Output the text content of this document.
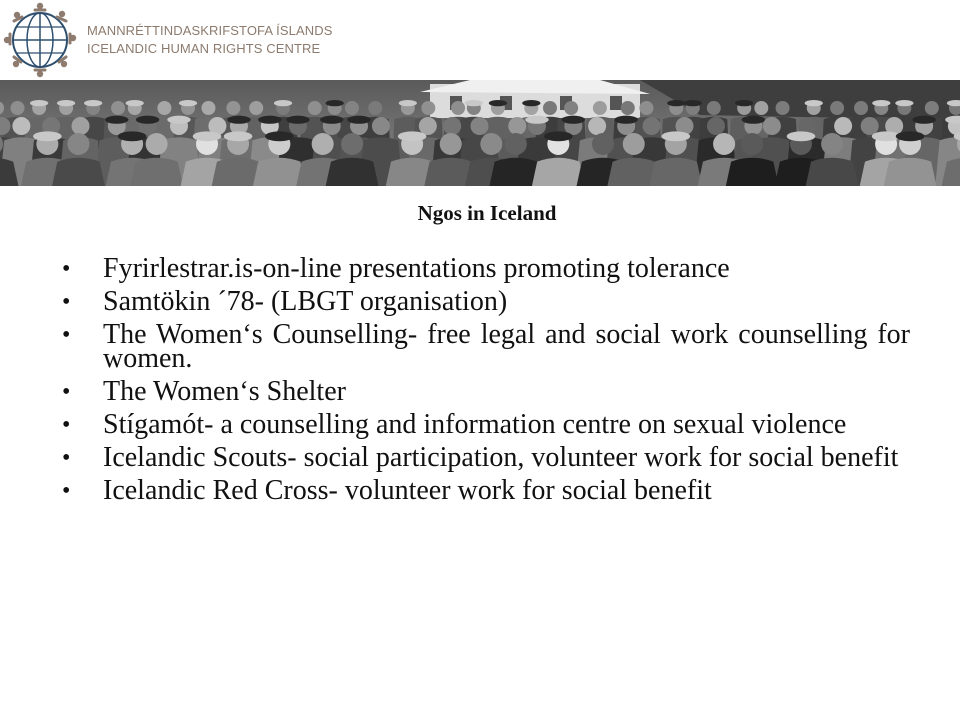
MANNRÉTTINDASKRIFSTOFA ÍSLANDS
ICELANDIC HUMAN RIGHTS CENTRE
Ngos in Iceland
• Fyrirlestrar.is-on-line presentations promoting tolerance
• Samtökin ´78- (LBGT organisation)
• The Women‘s Counselling- free legal and social work counselling for women.
• The Women‘s Shelter
• Stígamót- a counselling and information centre on sexual violence
• Icelandic Scouts- social participation, volunteer work for social benefit
• Icelandic Red Cross- volunteer work for social benefit
